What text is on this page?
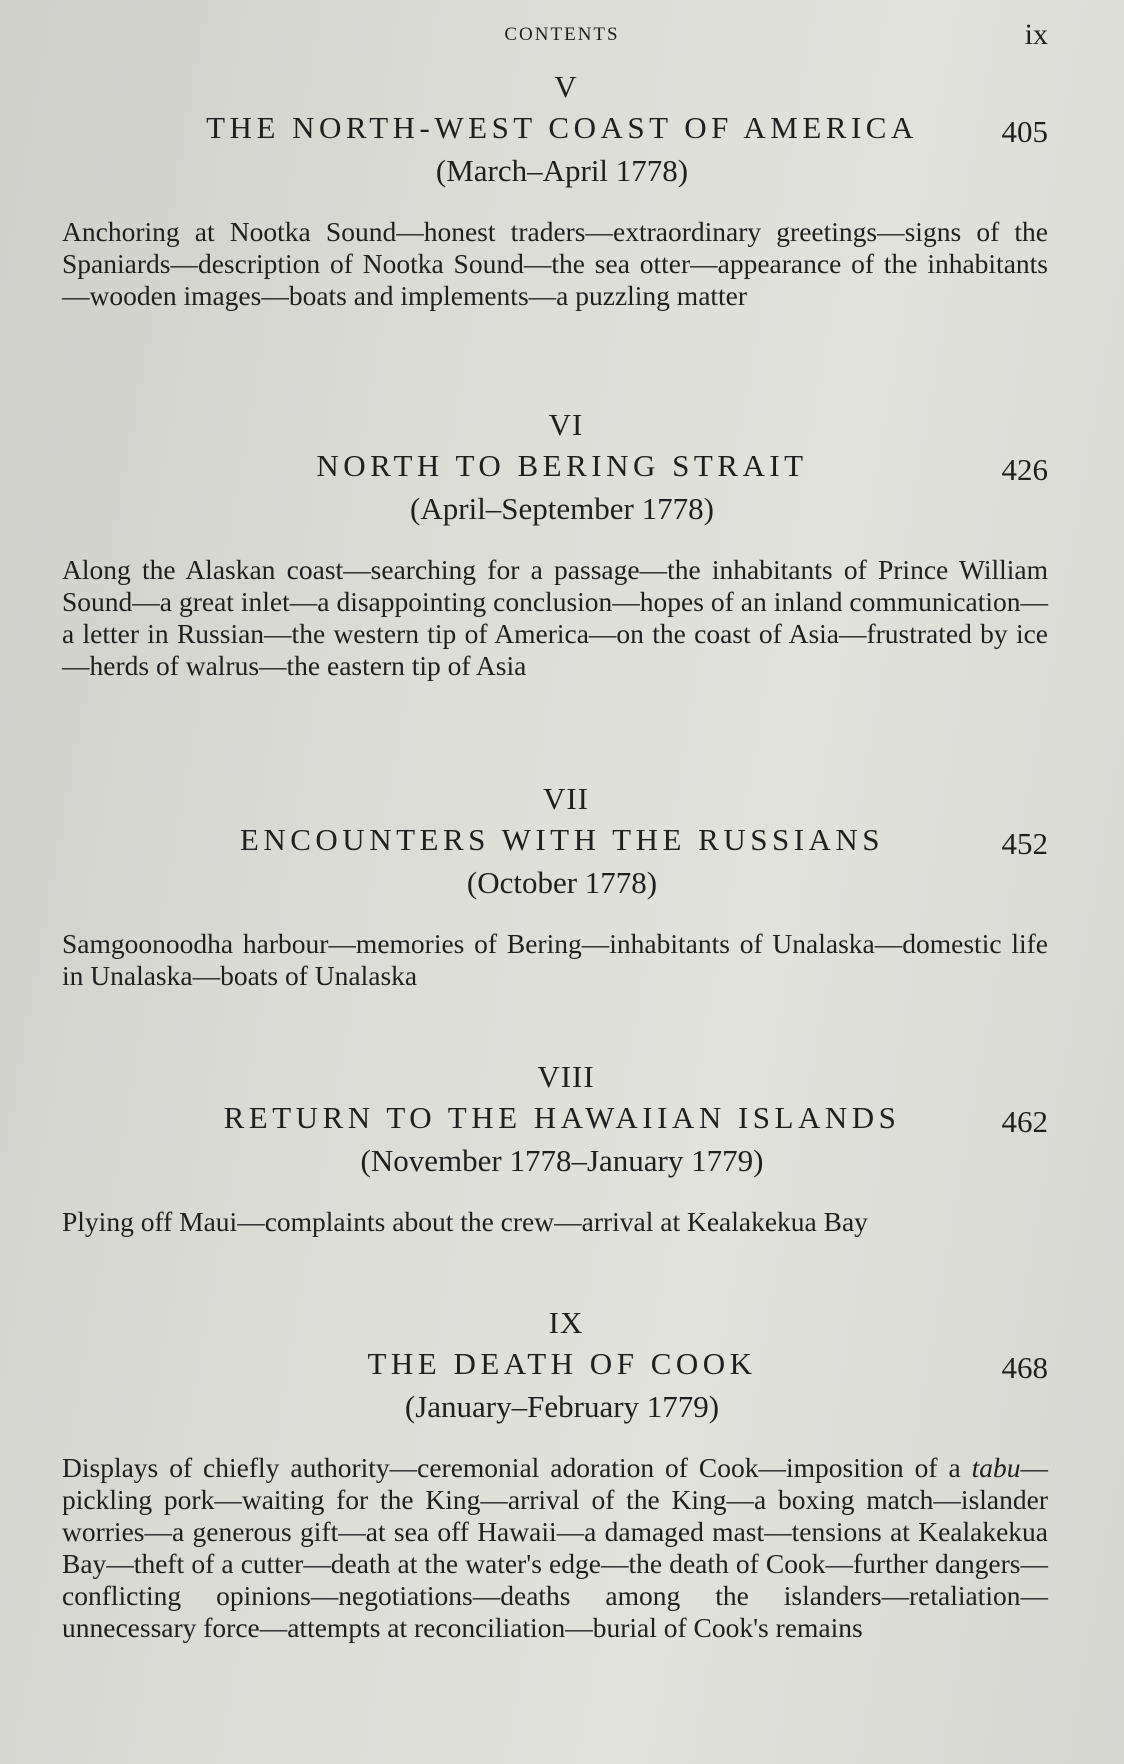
CONTENTS	ix
V
THE NORTH-WEST COAST OF AMERICA	405
(March–April 1778)
Anchoring at Nootka Sound—honest traders—extraordinary greetings—signs of the Spaniards—description of Nootka Sound—the sea otter—appearance of the inhabitants—wooden images—boats and implements—a puzzling matter
VI
NORTH TO BERING STRAIT	426
(April–September 1778)
Along the Alaskan coast—searching for a passage—the inhabitants of Prince William Sound—a great inlet—a disappointing conclusion—hopes of an inland communication—a letter in Russian—the western tip of America—on the coast of Asia—frustrated by ice—herds of walrus—the eastern tip of Asia
VII
ENCOUNTERS WITH THE RUSSIANS	452
(October 1778)
Samgoonoodha harbour—memories of Bering—inhabitants of Unalaska—domestic life in Unalaska—boats of Unalaska
VIII
RETURN TO THE HAWAIIAN ISLANDS	462
(November 1778–January 1779)
Plying off Maui—complaints about the crew—arrival at Kealakekua Bay
IX
THE DEATH OF COOK	468
(January–February 1779)
Displays of chiefly authority—ceremonial adoration of Cook—imposition of a tabu—pickling pork—waiting for the King—arrival of the King—a boxing match—islander worries—a generous gift—at sea off Hawaii—a damaged mast—tensions at Kealakekua Bay—theft of a cutter—death at the water's edge—the death of Cook—further dangers—conflicting opinions—negotiations—deaths among the islanders—retaliation—unnecessary force—attempts at reconciliation—burial of Cook's remains
